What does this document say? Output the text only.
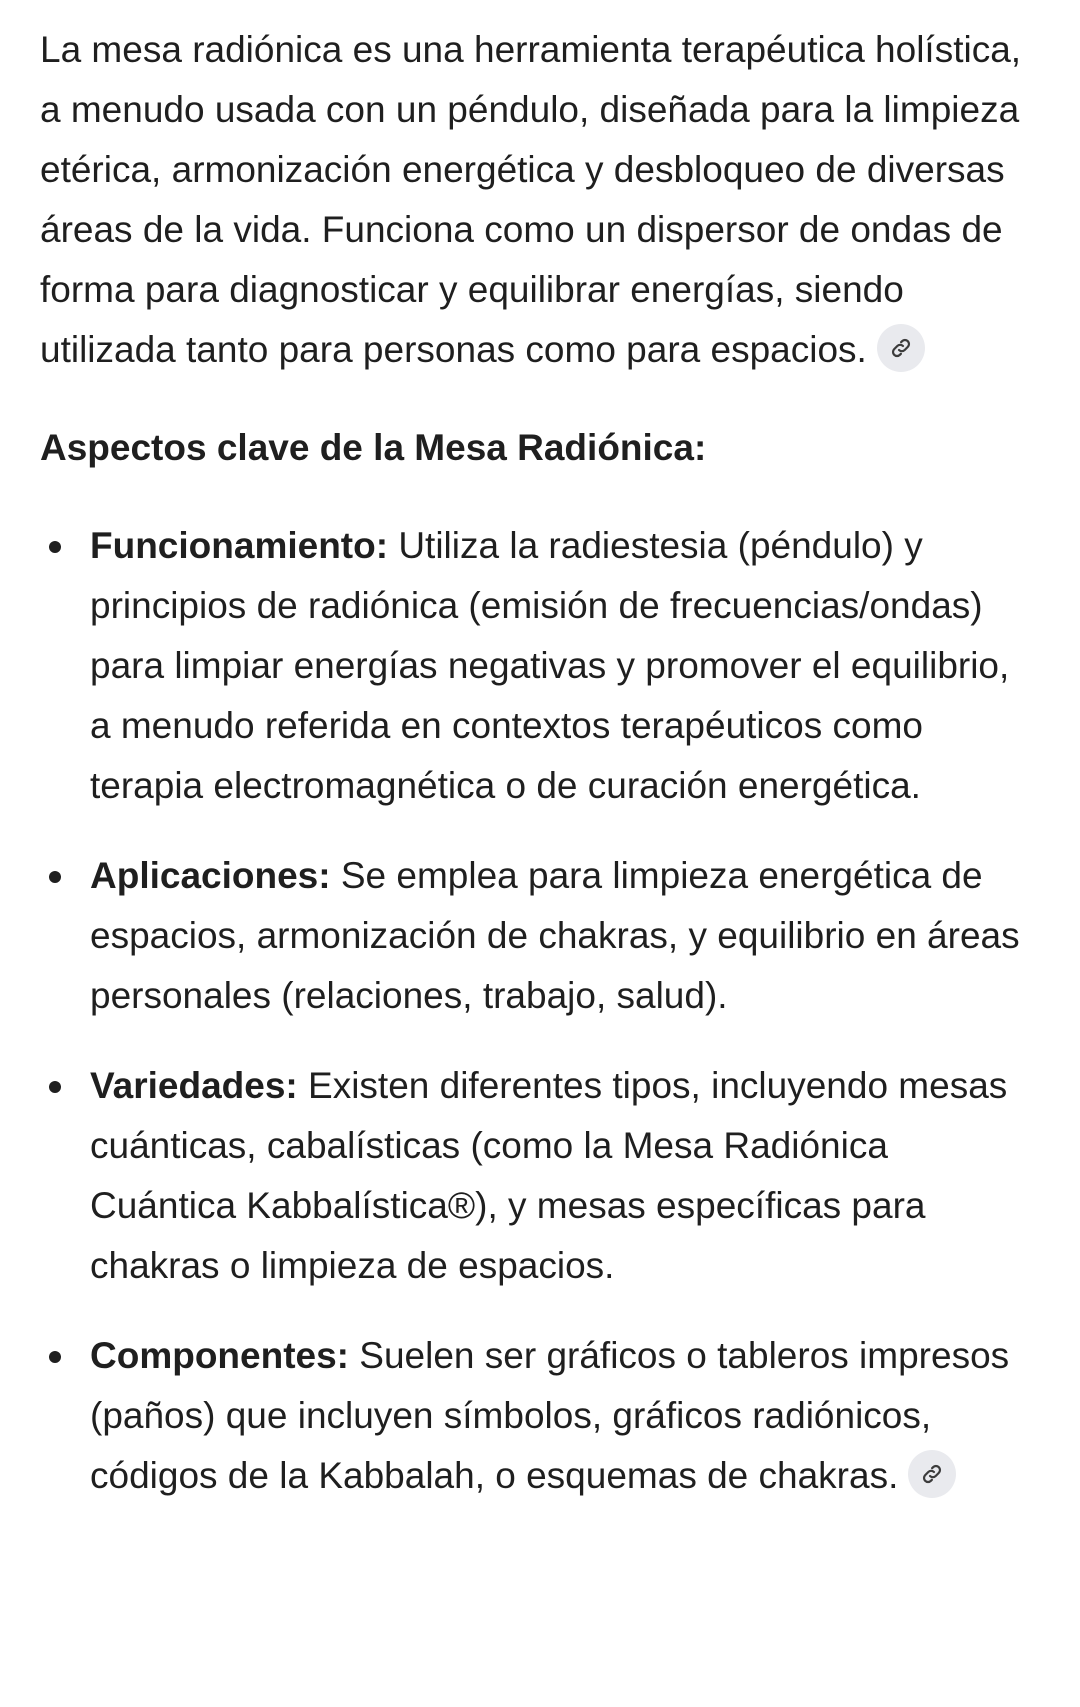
La mesa radiónica es una herramienta terapéutica holística, a menudo usada con un péndulo, diseñada para la limpieza etérica, armonización energética y desbloqueo de diversas áreas de la vida. Funciona como un dispersor de ondas de forma para diagnosticar y equilibrar energías, siendo utilizada tanto para personas como para espacios.

Aspectos clave de la Mesa Radiónica:
Funcionamiento: Utiliza la radiestesia (péndulo) y principios de radiónica (emisión de frecuencias/ondas) para limpiar energías negativas y promover el equilibrio, a menudo referida en contextos terapéuticos como terapia electromagnética o de curación energética.
Aplicaciones: Se emplea para limpieza energética de espacios, armonización de chakras, y equilibrio en áreas personales (relaciones, trabajo, salud).
Variedades: Existen diferentes tipos, incluyendo mesas cuánticas, cabalísticas (como la Mesa Radiónica Cuántica Kabbalística®), y mesas específicas para chakras o limpieza de espacios.
Componentes: Suelen ser gráficos o tableros impresos (paños) que incluyen símbolos, gráficos radiónicos, códigos de la Kabbalah, o esquemas de chakras.
